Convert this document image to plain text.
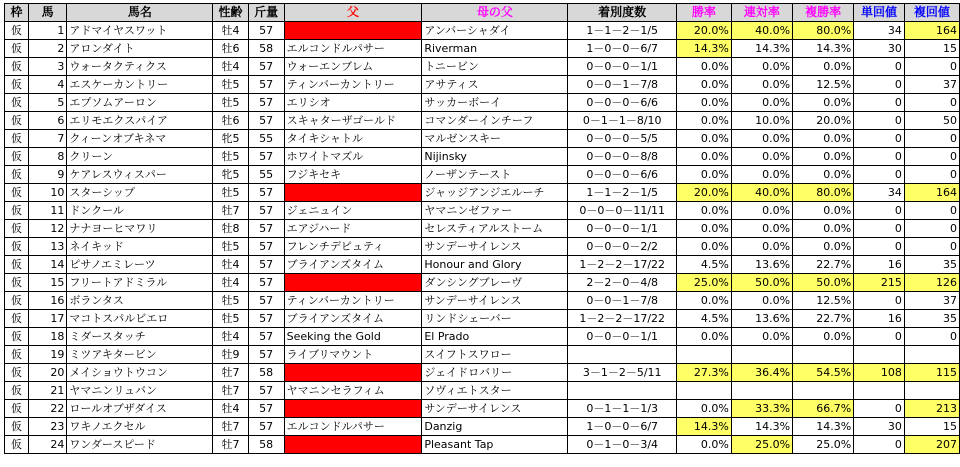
枠	馬	馬名	性齢	斤量	父	母の父	着別度数	勝率	連対率	複勝率	単回値	複回値
仮	1	アドマイヤスワット	牡4	57	クロフネ	アンバーシャダイ	1－1－2－1/5	20.0%	40.0%	80.0%	34	164
仮	2	アロンダイト	牡6	58	エルコンドルパサー	Riverman	1－0－0－6/7	14.3%	14.3%	14.3%	30	15
仮	3	ウォータクティクス	牡4	57	ウォーエンブレム	トニービン	0－0－0－1/1	0.0%	0.0%	0.0%	0	0
仮	4	エスケーカントリー	牡5	57	ティンバーカントリー	アサティス	0－0－1－7/8	0.0%	0.0%	12.5%	0	37
仮	5	エプソムアーロン	牡5	57	エリシオ	サッカーボーイ	0－0－0－6/6	0.0%	0.0%	0.0%	0	0
仮	6	エリモエクスパイア	牡6	57	スキャターザゴールド	コマンダーインチーフ	0－1－1－8/10	0.0%	10.0%	20.0%	0	50
仮	7	クィーンオブキネマ	牝5	55	タイキシャトル	マルゼンスキー	0－0－0－5/5	0.0%	0.0%	0.0%	0	0
仮	8	クリーン	牡5	57	ホワイトマズル	Nijinsky	0－0－0－8/8	0.0%	0.0%	0.0%	0	0
仮	9	ケアレスウィスパー	牝5	55	フジキセキ	ノーザンテースト	0－0－0－6/6	0.0%	0.0%	0.0%	0	0
仮	10	スターシップ	牡5	57	クロフネ	ジャッジアンジエルーチ	1－1－2－1/5	20.0%	40.0%	80.0%	34	164
仮	11	ドンクール	牡7	57	ジェニュイン	ヤマニンゼファー	0－0－0－11/11	0.0%	0.0%	0.0%	0	0
仮	12	ナナヨーヒマワリ	牡8	57	エアジハード	セレスティアルストーム	0－0－0－1/1	0.0%	0.0%	0.0%	0	0
仮	13	ネイキッド	牡5	57	フレンチデピュティ	サンデーサイレンス	0－0－0－2/2	0.0%	0.0%	0.0%	0	0
仮	14	ピサノエミレーツ	牡4	57	ブライアンズタイム	Honour and Glory	1－2－2－17/22	4.5%	13.6%	22.7%	16	35
仮	15	フリートアドミラル	牡4	57	アフリート	ダンシングブレーヴ	2－2－0－4/8	25.0%	50.0%	50.0%	215	126
仮	16	ボランタス	牡5	57	ティンバーカントリー	サンデーサイレンス	0－0－1－7/8	0.0%	0.0%	12.5%	0	37
仮	17	マコトスパルビエロ	牡5	57	ブライアンズタイム	リンドシェーバー	1－2－2－17/22	4.5%	13.6%	22.7%	16	35
仮	18	ミダースタッチ	牡4	57	Seeking the Gold	El Prado	0－0－0－1/1	0.0%	0.0%	0.0%	0	0
仮	19	ミツアキタービン	牡9	57	ライブリマウント	スイフトスワロー						
仮	20	メイショウトウコン	牡7	58	マヤノトップガン	ジェイドロバリー	3－1－2－5/11	27.3%	36.4%	54.5%	108	115
仮	21	ヤマニンリュバン	牡7	57	ヤマニンセラフィム	ソヴィエトスター						
仮	22	ロールオブザダイス	牡4	57	トワイニング	サンデーサイレンス	0－1－1－1/3	0.0%	33.3%	66.7%	0	213
仮	23	ワキノエクセル	牡7	57	エルコンドルパサー	Danzig	1－0－0－6/7	14.3%	14.3%	14.3%	30	15
仮	24	ワンダースピード	牡7	58	キンググローリアス	Pleasant Tap	0－1－0－3/4	0.0%	25.0%	25.0%	0	207
